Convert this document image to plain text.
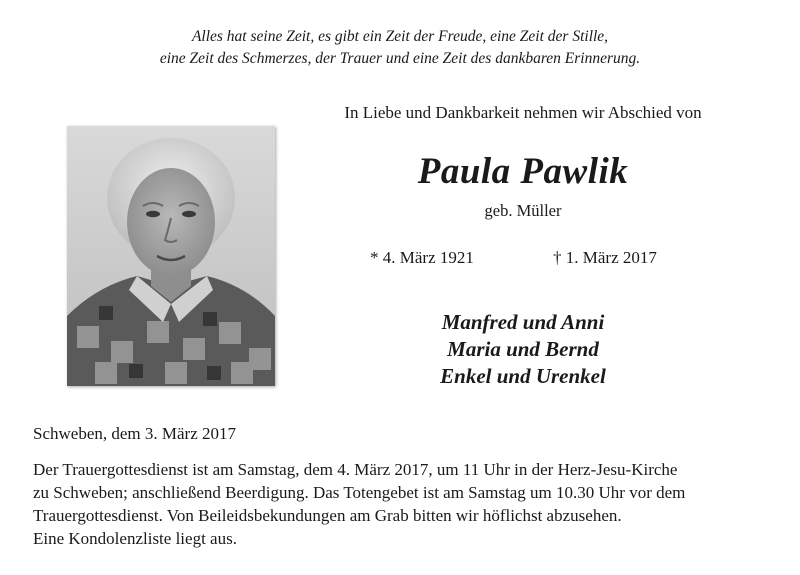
Alles hat seine Zeit, es gibt ein Zeit der Freude, eine Zeit der Stille,
eine Zeit des Schmerzes, der Trauer und eine Zeit des dankbaren Erinnerung.
In Liebe und Dankbarkeit nehmen wir Abschied von
Paula Pawlik
geb. Müller
* 4. März 1921	† 1. März 2017
Manfred und Anni
Maria und Bernd
Enkel und Urenkel
Schweben, dem 3. März 2017
Der Trauergottesdienst ist am Samstag, dem 4. März 2017, um 11 Uhr in der Herz-Jesu-Kirche
zu Schweben; anschließend Beerdigung. Das Totengebet ist am Samstag um 10.30 Uhr vor dem
Trauergottesdienst. Von Beileidsbekundungen am Grab bitten wir höflichst abzusehen.
Eine Kondolenzliste liegt aus.
